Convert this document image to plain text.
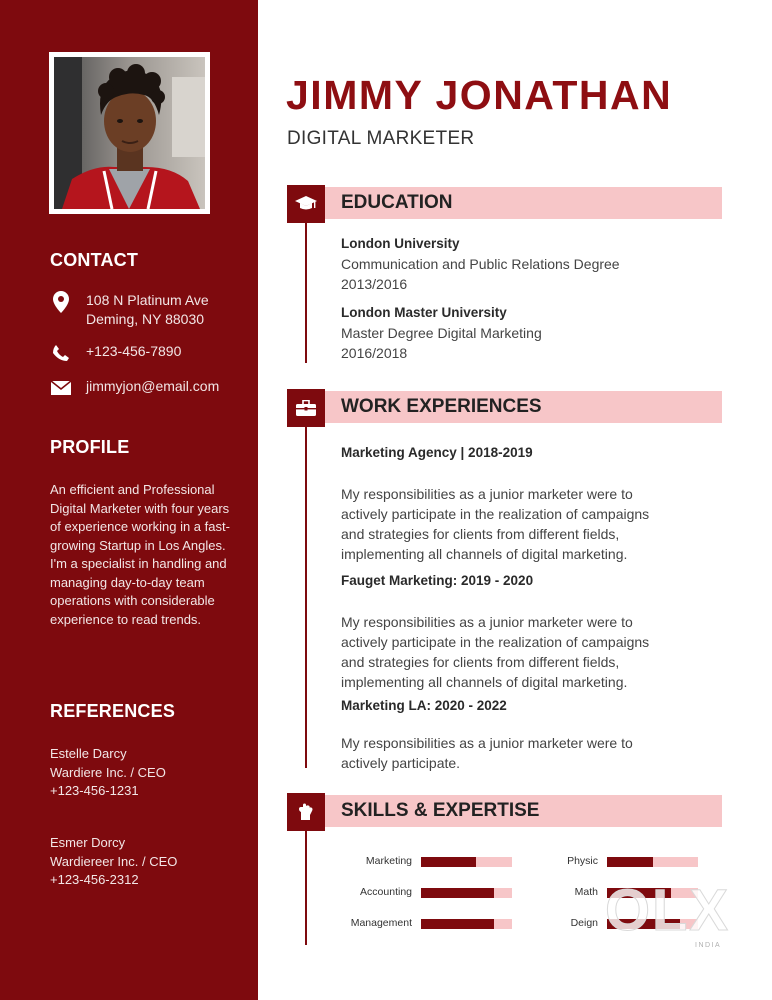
CONTACT
108 N Platinum Ave
Deming, NY 88030
+123-456-7890
jimmyjon@email.com
PROFILE
An efficient and Professional Digital Marketer with four years of experience working in a fast-growing Startup in Los Angles. I'm a specialist in handling and managing day-to-day team operations with considerable experience to read trends.
REFERENCES
Estelle Darcy
Wardiere Inc. / CEO
+123-456-1231
Esmer Dorcy
Wardiereer Inc. / CEO
+123-456-2312
JIMMY JONATHAN
DIGITAL MARKETER
EDUCATION
London University
Communication and Public Relations Degree
2013/2016
London Master University
Master Degree Digital Marketing
2016/2018
WORK EXPERIENCES
Marketing Agency | 2018-2019
My responsibilities as a junior marketer were to actively participate in the realization of campaigns and strategies for clients from different fields, implementing all channels of digital marketing.
Fauget Marketing: 2019 - 2020
My responsibilities as a junior marketer were to actively participate in the realization of campaigns and strategies for clients from different fields, implementing all channels of digital marketing.
Marketing LA: 2020 - 2022
My responsibilities as a junior marketer were to actively participate.
SKILLS & EXPERTISE
Marketing
Accounting
Management
Physic
Math
Deign OLX
INDIA
